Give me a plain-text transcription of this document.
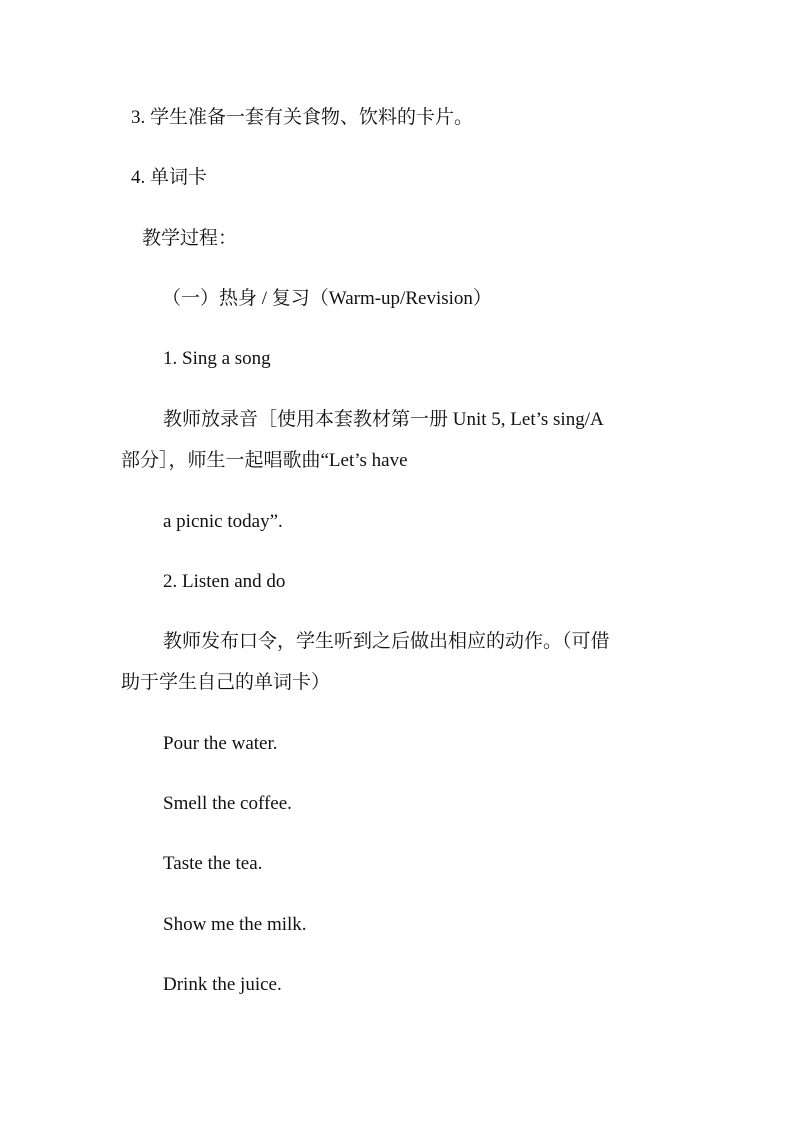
3. 学生准备一套有关食物、饮料的卡片。
4. 单词卡
教学过程：
（一）热身 / 复习（Warm-up/Revision）
1. Sing a song
教师放录音［使用本套教材第一册 Unit 5, Let’s sing/A
部分］，师生一起唱歌曲“Let’s have
a picnic today”.
2. Listen and do
教师发布口令，学生听到之后做出相应的动作。（可借
助于学生自己的单词卡）
Pour the water.
Smell the coffee.
Taste the tea.
Show me the milk.
Drink the juice.
